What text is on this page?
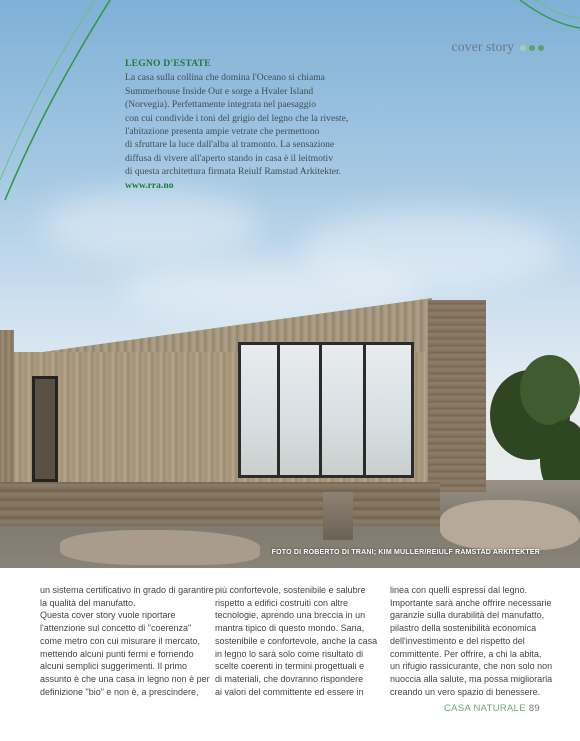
cover story
LEGNO D'ESTATE
La casa sulla collina che domina l'Oceano si chiama
Summerhouse Inside Out e sorge a Hvaler Island
(Norvegia). Perfettamente integrata nel paesaggio
con cui condivide i toni del grigio del legno che la riveste,
l'abitazione presenta ampie vetrate che permettono
di sfruttare la luce dall'alba al tramonto. La sensazione
diffusa di vivere all'aperto stando in casa è il leitmotiv
di questa architettura firmata Reiulf Ramstad Arkitekter.
www.rra.no
FOTO DI ROBERTO DI TRANI; KIM MULLER/REIULF RAMSTAD ARKITEKTER
un sistema certificativo in grado di garantire
la qualità del manufatto.
Questa cover story vuole riportare
l'attenzione sul concetto di "coerenza"
come metro con cui misurare il mercato,
mettendo alcuni punti fermi e fornendo
alcuni semplici suggerimenti. Il primo
assunto è che una casa in legno non è per
definizione "bio" e non è, a prescindere,
più confortevole, sostenibile e salubre
rispetto a edifici costruiti con altre
tecnologie, aprendo una breccia in un
mantra tipico di questo mondo. Sana,
sostenibile e confortevole, anche la casa
in legno lo sarà solo come risultato di
scelte coerenti in termini progettuali e
di materiali, che dovranno rispondere
ai valori del committente ed essere in
linea con quelli espressi dal legno.
Importante sarà anche offrire necessarie
garanzie sulla durabilità del manufatto,
pilastro della sostenibilità economica
dell'investimento e del rispetto del
committente. Per offrire, a chi la abita,
un rifugio rassicurante, che non solo non
nuoccia alla salute, ma possa migliorarla
creando un vero spazio di benessere.
CASA NATURALE 89
